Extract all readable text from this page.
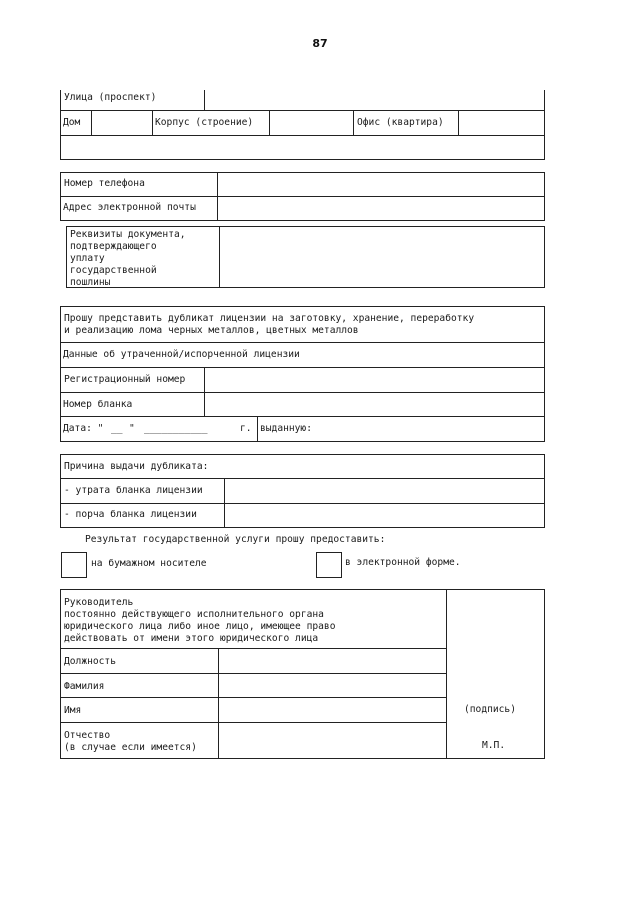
87
Улица (проспект)
Дом	Корпус (строение)	Офис (квартира)
Номер телефона
Адрес электронной почты
Реквизиты документа,
подтверждающего
уплату
государственной
пошлины
Прошу представить дубликат лицензии на заготовку, хранение, переработку
и реализацию лома черных металлов, цветных металлов
Данные об утраченной/испорченной лицензии
Регистрационный номер
Номер бланка
Дата: " __ " ___________	г. выданную:
Причина выдачи дубликата:
- утрата бланка лицензии
- порча бланка лицензии
Результат государственной услуги прошу предоставить:
на бумажном носителе	в электронной форме.
Руководитель
постоянно действующего исполнительного органа
юридического лица либо иное лицо, имеющее право
действовать от имени этого юридического лица
Должность
Фамилия
Имя
Отчество
(в случае если имеется)
(подпись)
М.П.
